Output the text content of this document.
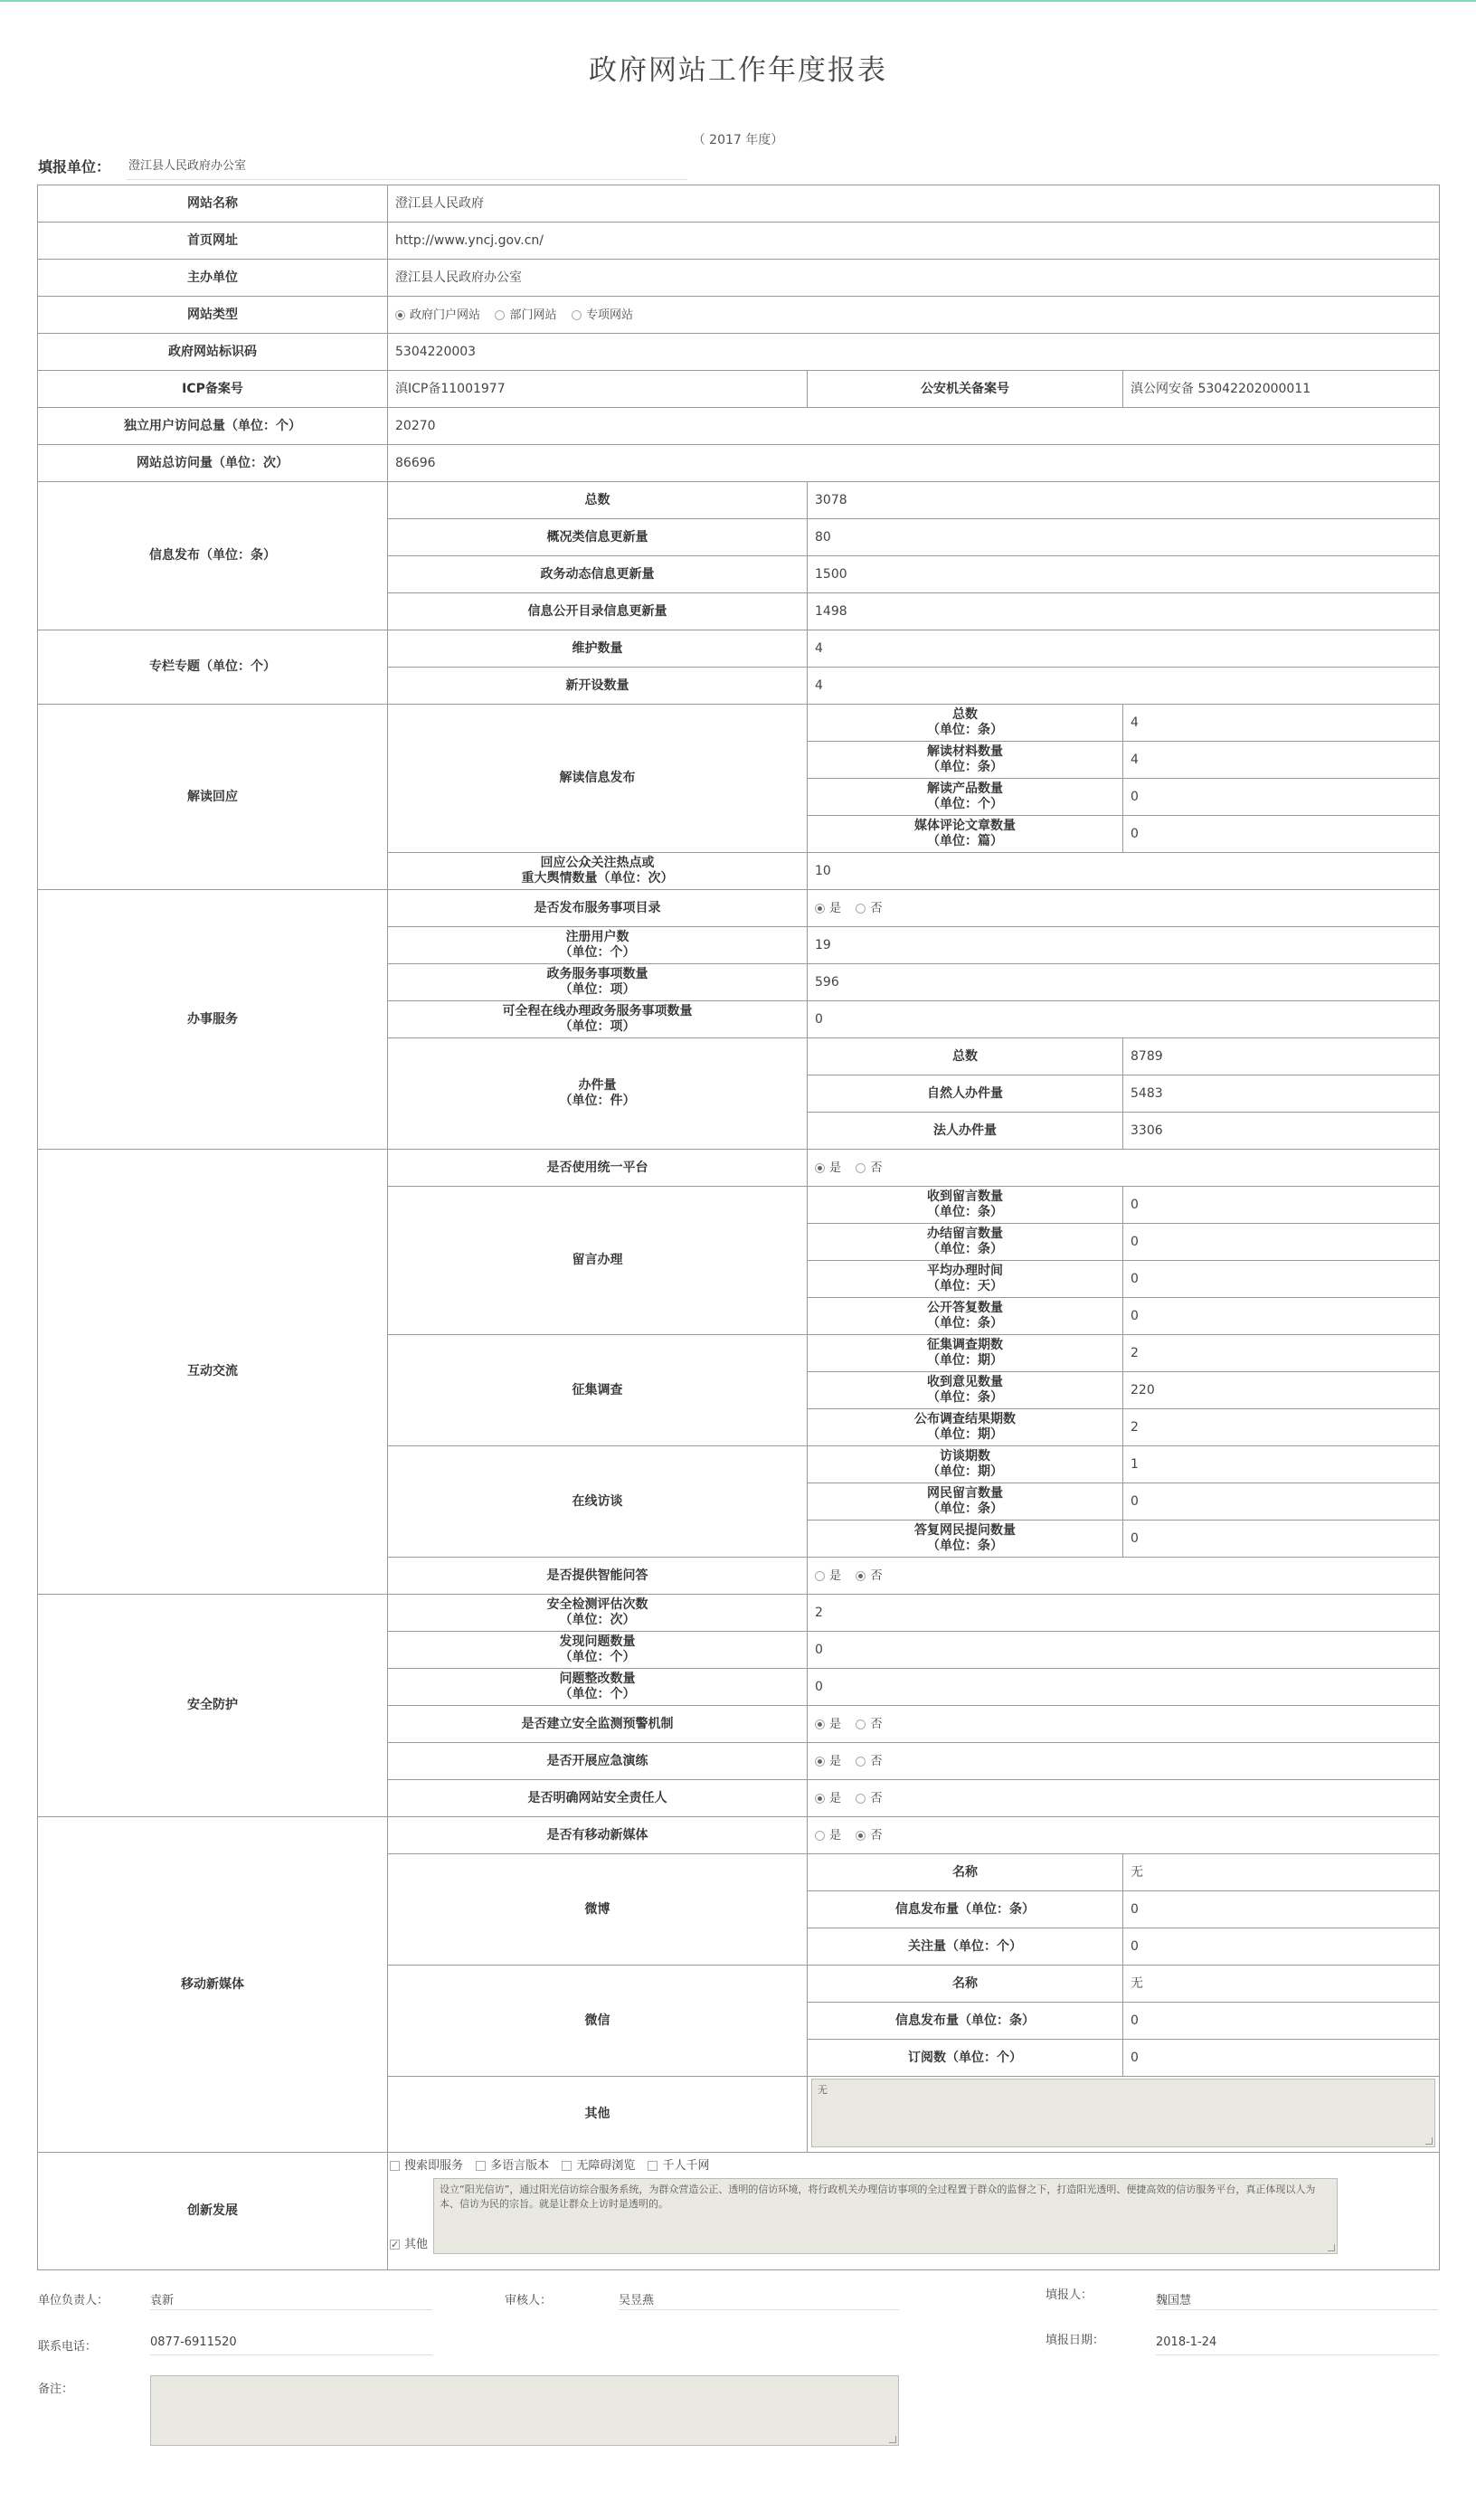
政府网站工作年度报表
（ 2017 年度）
填报单位： 澄江县人民政府办公室
网站名称	澄江县人民政府		
首页网址	http://www.yncj.gov.cn/		
主办单位	澄江县人民政府办公室		
网站类型	政府门户网站 部门网站 专项网站		
政府网站标识码	5304220003		
ICP备案号	滇ICP备11001977	公安机关备案号	滇公网安备 53042202000011
独立用户访问总量（单位：个）	20270		
网站总访问量（单位：次）	86696		
信息发布（单位：条）	总数	3078	
	概况类信息更新量	80	
	政务动态信息更新量	1500	
	信息公开目录信息更新量	1498	
专栏专题（单位：个）	维护数量	4	
	新开设数量	4	
解读回应	解读信息发布	总数
（单位：条）	4

		解读材料数量
（单位：条）	4

		解读产品数量
（单位：个）	0

		媒体评论文章数量
（单位：篇）	0

	回应公众关注热点或
重大舆情数量（单位：次）	10	
办事服务	是否发布服务事项目录	是 否	

	注册用户数
（单位：个）	19	

	政务服务事项数量
（单位：项）	596	

	可全程在线办理政务服务事项数量
（单位：项）	0	

	办件量
（单位：件）	总数	8789
		自然人办件量	5483
		法人办件量	3306
互动交流	是否使用统一平台	是 否	
	留言办理	收到留言数量
（单位：条）	0

		办结留言数量
（单位：条）	0

		平均办理时间
（单位：天）	0

		公开答复数量
（单位：条）	0
	征集调查	征集调查期数
（单位：期）	2

		收到意见数量
（单位：条）	220

		公布调查结果期数
（单位：期）	2
	在线访谈	访谈期数
（单位：期）	1

		网民留言数量
（单位：条）	0

		答复网民提问数量
（单位：条）	0
	是否提供智能问答	是 否	
安全防护	安全检测评估次数
（单位：次）	2	

	发现问题数量
（单位：个）	0	

	问题整改数量
（单位：个）	0	
	是否建立安全监测预警机制	是 否	
	是否开展应急演练	是 否	
	是否明确网站安全责任人	是 否	
移动新媒体	是否有移动新媒体	是 否	
	微博	名称	无
		信息发布量（单位：条）	0
		关注量（单位：个）	0
	微信	名称	无
		信息发布量（单位：条）	0
		订阅数（单位：个）	0
	其他	无	

创新发展	搜索即服务 多语言版本 无障碍浏览 千人千网
✓其他
设立“阳光信访”，通过阳光信访综合服务系统，为群众营造公正、透明的信访环境，将行政机关办理信访事项的全过程置于群众的监督之下，打造阳光透明、便捷高效的信访服务平台，真正体现以人为本、信访为民的宗旨。就是让群众上访时是透明的。
单位负责人：	袁新	审核人：	吴昱燕	填报人：	魏国慧
联系电话：	0877-6911520	填报日期：	2018-1-24
备注：
